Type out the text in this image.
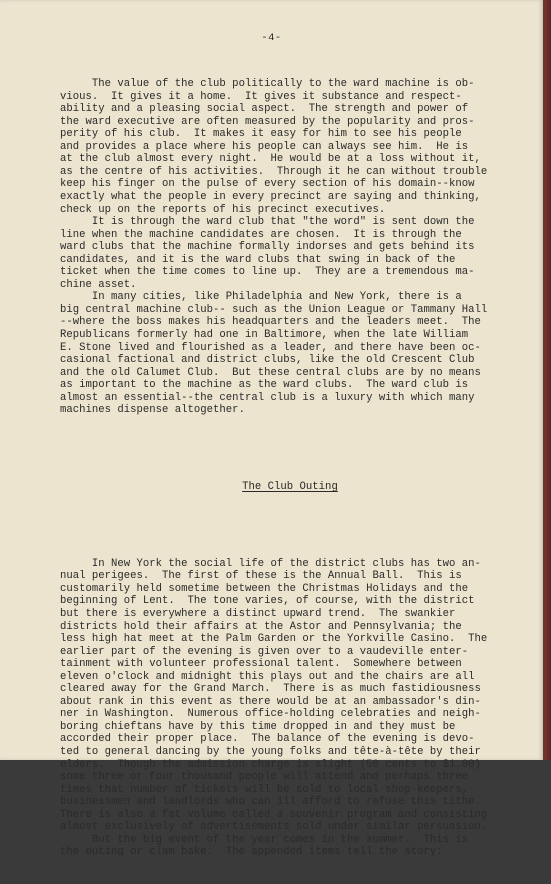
-4-

The value of the club politically to the ward machine is ob-
vious.  It gives it a home.  It gives it substance and respect-
ability and a pleasing social aspect.  The strength and power of
the ward executive are often measured by the popularity and pros-
perity of his club.  It makes it easy for him to see his people
and provides a place where his people can always see him.  He is
at the club almost every night.  He would be at a loss without it,
as the centre of his activities.  Through it he can without trouble
keep his finger on the pulse of every section of his domain--know
exactly what the people in every precinct are saying and thinking,
check up on the reports of his precinct executives.
It is through the ward club that "the word" is sent down the
line when the machine candidates are chosen.  It is through the
ward clubs that the machine formally indorses and gets behind its
candidates, and it is the ward clubs that swing in back of the
ticket when the time comes to line up.  They are a tremendous ma-
chine asset.
In many cities, like Philadelphia and New York, there is a
big central machine club-- such as the Union League or Tammany Hall
--where the boss makes his headquarters and the leaders meet.  The
Republicans formerly had one in Baltimore, when the late William
E. Stone lived and flourished as a leader, and there have been oc-
casional factional and district clubs, like the old Crescent Club
and the old Calumet Club.  But these central clubs are by no means
as important to the machine as the ward clubs.  The ward club is
almost an essential--the central club is a luxury with which many
machines dispense altogether.

The Club Outing

In New York the social life of the district clubs has two an-
nual perigees.  The first of these is the Annual Ball.  This is
customarily held sometime between the Christmas Holidays and the
beginning of Lent.  The tone varies, of course, with the district
but there is everywhere a distinct upward trend.  The swankier
districts hold their affairs at the Astor and Pennsylvania; the
less high hat meet at the Palm Garden or the Yorkville Casino.  The
earlier part of the evening is given over to a vaudeville enter-
tainment with volunteer professional talent.  Somewhere between
eleven o'clock and midnight this plays out and the chairs are all
cleared away for the Grand March.  There is as much fastidiousness
about rank in this event as there would be at an ambassador's din-
ner in Washington.  Numerous office-holding celebraties and neigh-
boring chieftans have by this time dropped in and they must be
accorded their proper place.  The balance of the evening is devo-
ted to general dancing by the young folks and tête-à-tête by their
elders.  Though the admission charge is slight (50 cents to $1.00)
some three or four thousand people will attend and perhaps three
times that number of tickets will be sold to local shop-keepers,
businessmen and landlords who can ill afford to refuse this tithe.
There is also a fat volume called a souvenir program and consisting
almost exclusively of advertisements sold under similar persuasion.
But the big event of the year comes in the summer.  This is
the outing or clam bake.  The appended items tell the story:
